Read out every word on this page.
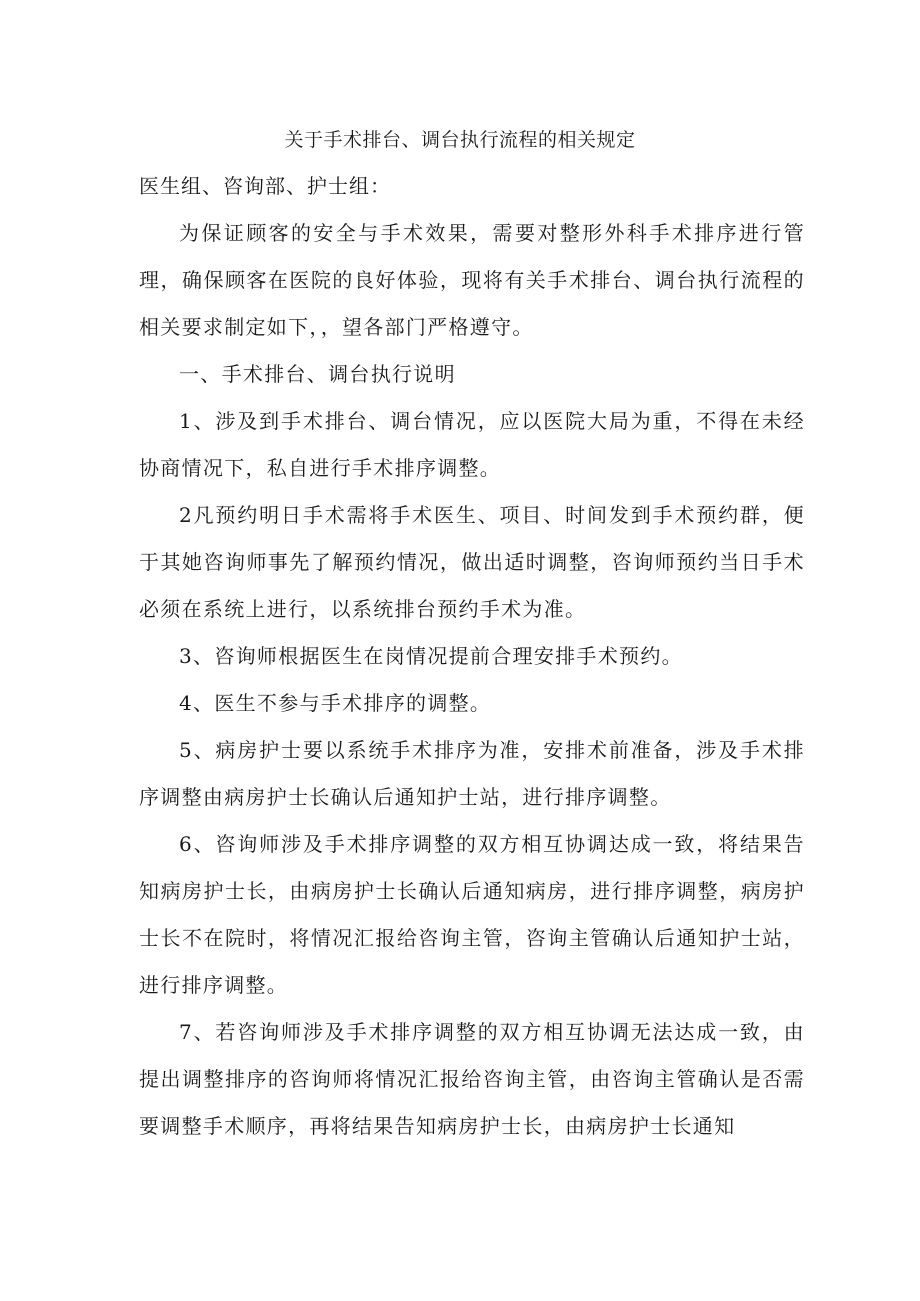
关于手术排台、调台执行流程的相关规定

医生组、咨询部、护士组：

为保证顾客的安全与手术效果，需要对整形外科手术排序进行管理，确保顾客在医院的良好体验，现将有关手术排台、调台执行流程的相关要求制定如下，，望各部门严格遵守。

一、手术排台、调台执行说明

1、涉及到手术排台、调台情况，应以医院大局为重，不得在未经协商情况下，私自进行手术排序调整。

2凡预约明日手术需将手术医生、项目、时间发到手术预约群，便于其她咨询师事先了解预约情况，做出适时调整，咨询师预约当日手术必须在系统上进行，以系统排台预约手术为准。

3、咨询师根据医生在岗情况提前合理安排手术预约。

4、医生不参与手术排序的调整。

5、病房护士要以系统手术排序为准，安排术前准备，涉及手术排序调整由病房护士长确认后通知护士站，进行排序调整。

6、咨询师涉及手术排序调整的双方相互协调达成一致，将结果告知病房护士长，由病房护士长确认后通知病房，进行排序调整，病房护士长不在院时，将情况汇报给咨询主管，咨询主管确认后通知护士站，进行排序调整。

7、若咨询师涉及手术排序调整的双方相互协调无法达成一致，由提出调整排序的咨询师将情况汇报给咨询主管，由咨询主管确认是否需要调整手术顺序，再将结果告知病房护士长，由病房护士长通知
